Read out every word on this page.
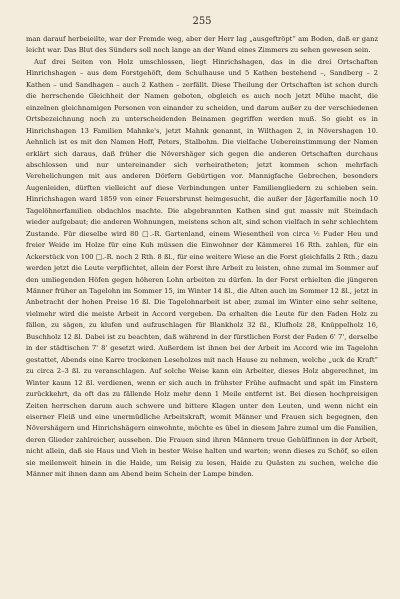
255

man darauf herbeieilte, war der Fremde weg, aber der Herr lag „ausgeftröpt“ am Boden, daß er ganz leicht war. Das Blut des Sünders soll noch lange an der Wand eines Zimmers zu sehen gewesen sein.

Auf drei Seiten von Holz umschlossen, liegt Hinrichshagen, das in die drei Ortschaften Hinrichshagen – aus dem Forstgehöft, dem Schulhause und 5 Kathen bestehend –, Sandberg – 2 Kathen – und Sandhagen – auch 2 Kathen – zerfällt. Diese Theilung der Ortschaften ist schon durch die herrschende Gleichheit der Namen geboten, obgleich es auch noch jetzt Mühe macht, die einzelnen gleichnamigen Personen von einander zu scheiden, und darum außer zu der verschiedenen Ortsbezeichnung noch zu unterscheidenden Beinamen gegriffen werden muß. So giebt es in Hinrichshagen 13 Familien Mahnke's, jetzt Mahnk genannt, in Wilthagen 2, in Növershagen 10. Aehnlich ist es mit den Namen Hoff, Peters, Stalbohm. Die vielfache Uebereinstimmung der Namen erklärt sich daraus, daß früher die Növershäger sich gegen die anderen Ortschaften durchaus abschlossen und nur untereinander sich verheiratheten; jetzt kommen schon mehrfach Verehelichungen mit aus anderen Dörfern Gebürtigen vor. Mannigfache Gebrechen, besonders Augenleiden, dürften vielleicht auf diese Verbindungen unter Familiengliedern zu schieben sein. Hinrichshagen ward 1859 von einer Feuersbrunst heimgesucht, die außer der Jägerfamilie noch 10 Tagelöhnerfamilien obdachlos machte. Die abgebrannten Kathen sind gut massiv mit Steindach wieder aufgebaut; die anderen Wohnungen, meistens schon alt, sind schon vielfach in sehr schlechtem Zustande. Für dieselbe wird 80 □.-R. Gartenland, einem Wiesentheil von circa ½ Fuder Heu und freier Weide im Holze für eine Kuh müssen die Einwohner der Kämmerei 16 Rth. zahlen, für ein Ackerstück von 100 □.-R. noch 2 Rth. 8 ßl., für eine weitere Wiese an die Forst gleichfalls 2 Rth.; dazu werden jetzt die Leute verpflichtet, allein der Forst ihre Arbeit zu leisten, ohne zumal im Sommer auf den umliegenden Höfen gegen höheren Lohn arbeiten zu dürfen. In der Forst erhielten die jüngeren Männer früher an Tagelohn im Sommer 15, im Winter 14 ßl., die Alten auch im Sommer 12 ßl., jetzt in Anbetracht der hohen Preise 16 ßl. Die Tagelohnarbeit ist aber, zumal im Winter eine sehr seltene, vielmehr wird die meiste Arbeit in Accord vergeben. Da erhalten die Leute für den Faden Holz zu fällen, zu sägen, zu klufen und aufzuschlagen für Blankholz 32 ßl., Klufholz 28, Knüppelholz 16, Buschholz 12 ßl. Dabei ist zu beachten, daß während in der fürstlichen Forst der Faden 6' 7', derselbe in der städtischen 7' 8' gesetzt wird. Außerdem ist ihnen bei der Arbeit im Accord wie im Tagelohn gestattet, Abends eine Karre trockenen Leseholzes mit nach Hause zu nehmen, welche „uck de Kraft“ zu circa 2–3 ßl. zu veranschlagen. Auf solche Weise kann ein Arbeiter, dieses Holz abgerechnet, im Winter kaum 12 ßl. verdienen, wenn er sich auch in frühster Frühe aufmacht und spät im Finstern zurückkehrt, da oft das zu fällende Holz mehr denn 1 Meile entfernt ist. Bei diesen hochpreisigen Zeiten herrschen darum auch schwere und bittere Klagen unter den Leuten, und wenn nicht ein eiserner Fleiß und eine unermüdliche Arbeitskraft, womit Männer und Frauen sich begegnen, den Növershägern und Hinrichshägern einwohnte, möchte es übel in diesem Jahre zumal um die Familien, deren Glieder zahlreicher, aussehen. Die Frauen sind ihren Männern treue Gehülfinnen in der Arbeit, nicht allein, daß sie Haus und Vieh in bester Weise halten und warten; wenn dieses zu Schöf, so eilen sie meilenweit hinein in die Haide, um Reisig zu lesen, Haide zu Quästen zu suchen, welche die Männer mit ihnen dann am Abend beim Schein der Lampe binden.
